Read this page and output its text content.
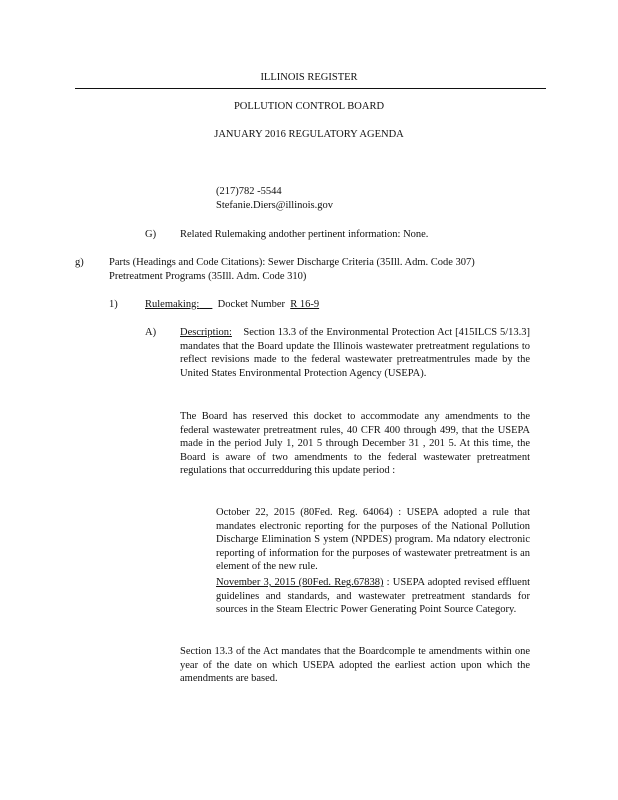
ILLINOIS REGISTER
POLLUTION CONTROL BOARD
JANUARY 2016 REGULATORY AGENDA
(217)782 -5544
Stefanie.Diers@illinois.gov
G) Related Rulemaking andother pertinent information: None.
g) Parts (Headings and Code Citations): Sewer Discharge Criteria (35Ill. Adm. Code 307)
Pretreatment Programs (35Ill. Adm. Code 310)
1)	Rulemaking: Docket Number R 16-9
A) Description: Section 13.3 of the Environmental Protection Act [415ILCS 5/13.3] mandates that the Board update the Illinois wastewater pretreatment regulations to reflect revisions made to the federal wastewater pretreatmentrules made by the United States Environmental Protection Agency (USEPA).
The Board has reserved this docket to accommodate any amendments to the federal wastewater pretreatment rules, 40 CFR 400 through 499, that the USEPA made in the period July 1, 201 5 through December 31 , 201 5. At this time, the Board is aware of two amendments to the federal wastewater pretreatment regulations that occurredduring this update period :
October 22, 2015 (80Fed. Reg. 64064) : USEPA adopted a rule that mandates electronic reporting for the purposes of the National Pollution Discharge Elimination S ystem (NPDES) program. Ma ndatory electronic reporting of information for the purposes of wastewater pretreatment is an element of the new rule.
November 3, 2015 (80Fed. Reg.67838) : USEPA adopted revised effluent guidelines and standards, and wastewater pretreatment standards for sources in the Steam Electric Power Generating Point Source Category.
Section 13.3 of the Act mandates that the Boardcomple te amendments within one year of the date on which USEPA adopted the earliest action upon which the amendments are based.
